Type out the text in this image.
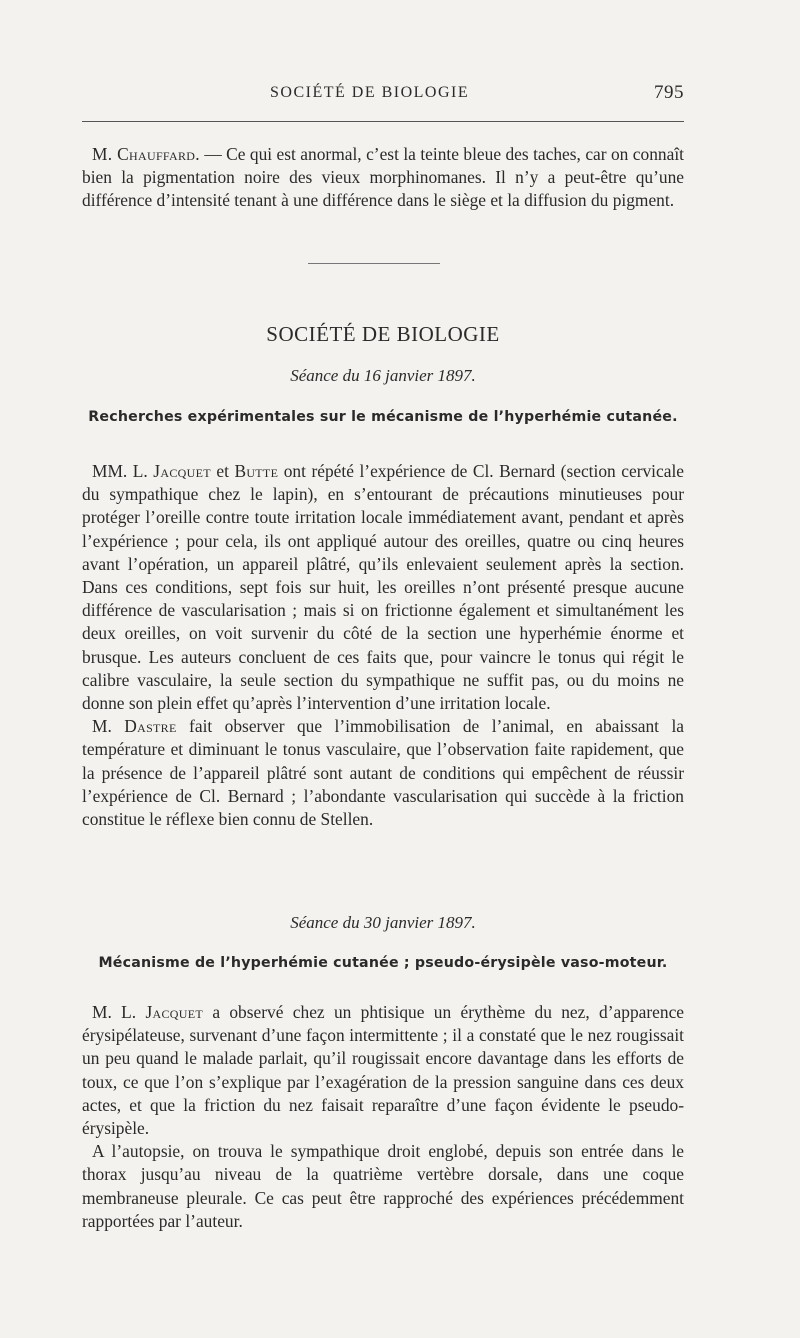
SOCIÉTÉ DE BIOLOGIE	795

M. Chauffard. — Ce qui est anormal, c’est la teinte bleue des taches, car on connaît bien la pigmentation noire des vieux morphinomanes. Il n’y a peut-être qu’une différence d’intensité tenant à une différence dans le siège et la diffusion du pigment.

SOCIÉTÉ DE BIOLOGIE
Séance du 16 janvier 1897.
Recherches expérimentales sur le mécanisme de l’hyperhémie cutanée.

MM. L. Jacquet et Butte ont répété l’expérience de Cl. Bernard (section cervicale du sympathique chez le lapin), en s’entourant de précautions minutieuses pour protéger l’oreille contre toute irritation locale immédiatement avant, pendant et après l’expérience ; pour cela, ils ont appliqué autour des oreilles, quatre ou cinq heures avant l’opération, un appareil plâtré, qu’ils enlevaient seulement après la section. Dans ces conditions, sept fois sur huit, les oreilles n’ont présenté presque aucune différence de vascularisation ; mais si on frictionne également et simultanément les deux oreilles, on voit survenir du côté de la section une hyperhémie énorme et brusque. Les auteurs concluent de ces faits que, pour vaincre le tonus qui régit le calibre vasculaire, la seule section du sympathique ne suffit pas, ou du moins ne donne son plein effet qu’après l’intervention d’une irritation locale.

M. Dastre fait observer que l’immobilisation de l’animal, en abaissant la température et diminuant le tonus vasculaire, que l’observation faite rapidement, que la présence de l’appareil plâtré sont autant de conditions qui empêchent de réussir l’expérience de Cl. Bernard ; l’abondante vascularisation qui succède à la friction constitue le réflexe bien connu de Stellen.

Séance du 30 janvier 1897.
Mécanisme de l’hyperhémie cutanée ; pseudo-érysipèle vaso-moteur.

M. L. Jacquet a observé chez un phtisique un érythème du nez, d’apparence érysipélateuse, survenant d’une façon intermittente ; il a constaté que le nez rougissait un peu quand le malade parlait, qu’il rougissait encore davantage dans les efforts de toux, ce que l’on s’explique par l’exagération de la pression sanguine dans ces deux actes, et que la friction du nez faisait reparaître d’une façon évidente le pseudo-érysipèle.

A l’autopsie, on trouva le sympathique droit englobé, depuis son entrée dans le thorax jusqu’au niveau de la quatrième vertèbre dorsale, dans une coque membraneuse pleurale. Ce cas peut être rapproché des expériences précédemment rapportées par l’auteur.
